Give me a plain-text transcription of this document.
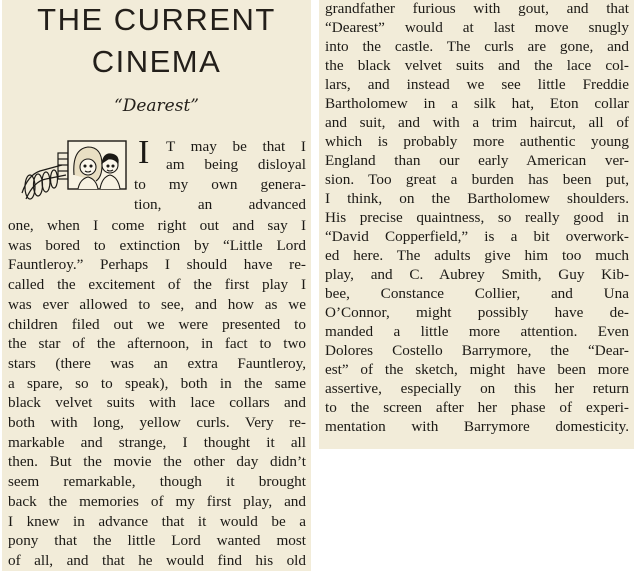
THE CURRENT
CINEMA
“Dearest”
I T may be that I
am being disloyal
to my own genera-
tion, an advanced
one, when I come right out and say I
was bored to extinction by “Little Lord
Fauntleroy.” Perhaps I should have re-
called the excitement of the first play I
was ever allowed to see, and how as we
children filed out we were presented to
the star of the afternoon, in fact to two
stars (there was an extra Fauntleroy,
a spare, so to speak), both in the same
black velvet suits with lace collars and
both with long, yellow curls. Very re-
markable and strange, I thought it all
then. But the movie the other day didn’t
seem remarkable, though it brought
back the memories of my first play, and
I knew in advance that it would be a
pony that the little Lord wanted most
of all, and that he would find his old
grandfather furious with gout, and that
“Dearest” would at last move snugly
into the castle. The curls are gone, and
the black velvet suits and the lace col-
lars, and instead we see little Freddie
Bartholomew in a silk hat, Eton collar
and suit, and with a trim haircut, all of
which is probably more authentic young
England than our early American ver-
sion. Too great a burden has been put,
I think, on the Bartholomew shoulders.
His precise quaintness, so really good in
“David Copperfield,” is a bit overwork-
ed here. The adults give him too much
play, and C. Aubrey Smith, Guy Kib-
bee, Constance Collier, and Una
O’Connor, might possibly have de-
manded a little more attention. Even
Dolores Costello Barrymore, the “Dear-
est” of the sketch, might have been more
assertive, especially on this her return
to the screen after her phase of experi-
mentation with Barrymore domesticity.
